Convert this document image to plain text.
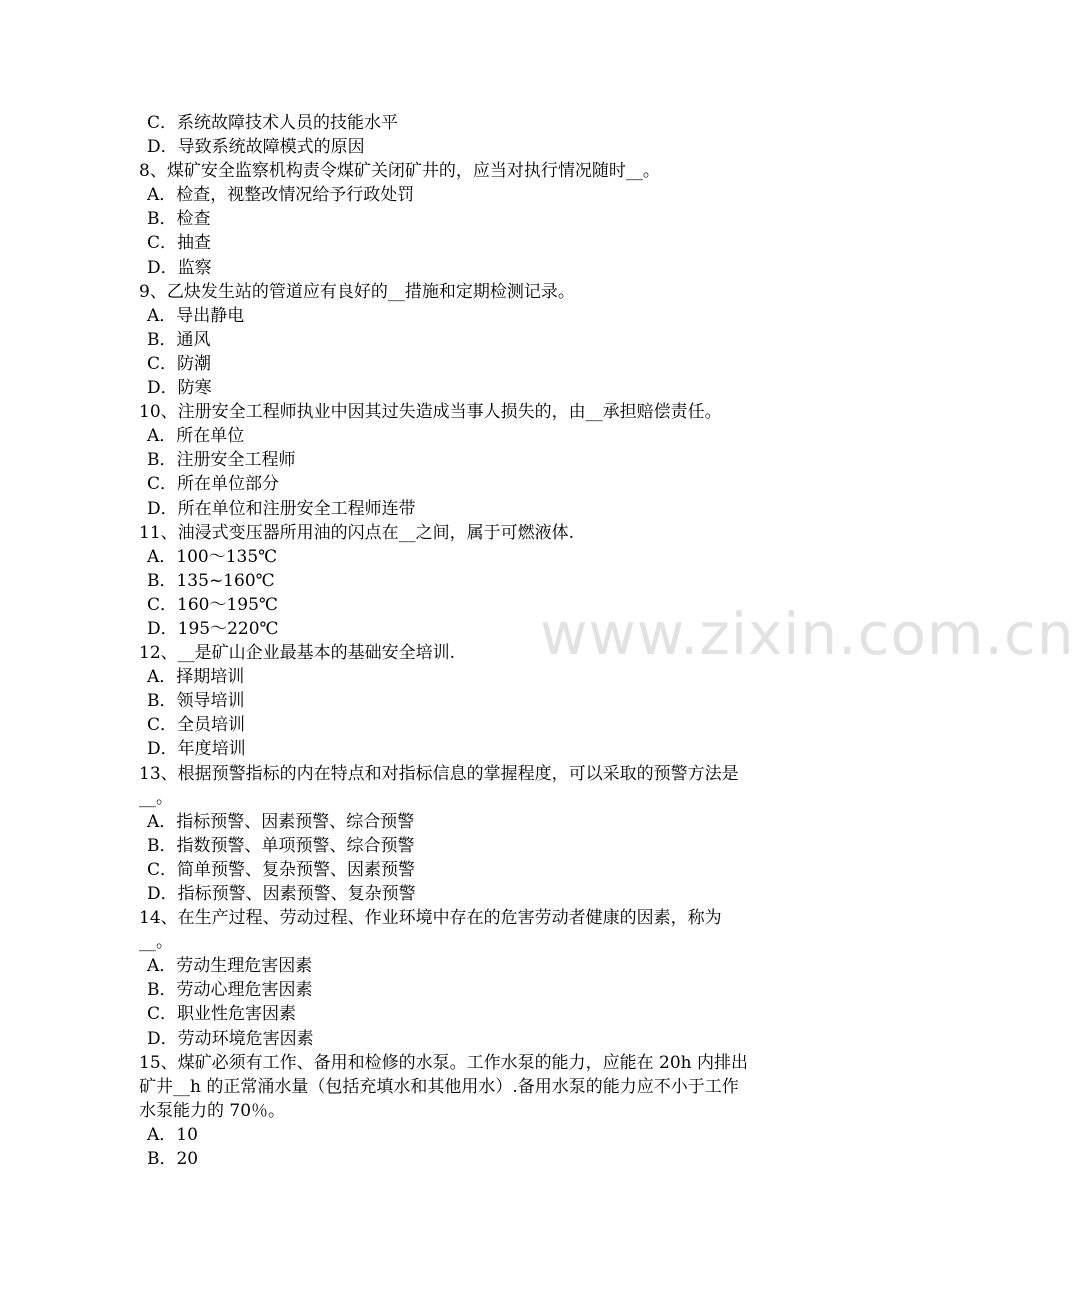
C．系统故障技术人员的技能水平
D．导致系统故障模式的原因
8、煤矿安全监察机构责令煤矿关闭矿井的，应当对执行情况随时__。
A．检查，视整改情况给予行政处罚
B．检查
C．抽查
D．监察
9、乙炔发生站的管道应有良好的__措施和定期检测记录。
A．导出静电
B．通风
C．防潮
D．防寒
10、注册安全工程师执业中因其过失造成当事人损失的，由__承担赔偿责任。
A．所在单位
B．注册安全工程师
C．所在单位部分
D．所在单位和注册安全工程师连带
11、油浸式变压器所用油的闪点在__之间，属于可燃液体.
A．100～135℃
B．135~160℃
C．160～195℃
D．195～220℃
12、__是矿山企业最基本的基础安全培训.
A．择期培训
B．领导培训
C．全员培训
D．年度培训
13、根据预警指标的内在特点和对指标信息的掌握程度，可以采取的预警方法是
__。
A．指标预警、因素预警、综合预警
B．指数预警、单项预警、综合预警
C．简单预警、复杂预警、因素预警
D．指标预警、因素预警、复杂预警
14、在生产过程、劳动过程、作业环境中存在的危害劳动者健康的因素，称为
__。
A．劳动生理危害因素
B．劳动心理危害因素
C．职业性危害因素
D．劳动环境危害因素
15、煤矿必须有工作、备用和检修的水泵。工作水泵的能力，应能在 20h 内排出
矿井__h 的正常涌水量（包括充填水和其他用水）.备用水泵的能力应不小于工作
水泵能力的 70％。
A．10
B．20
www.zixin.com.cn
